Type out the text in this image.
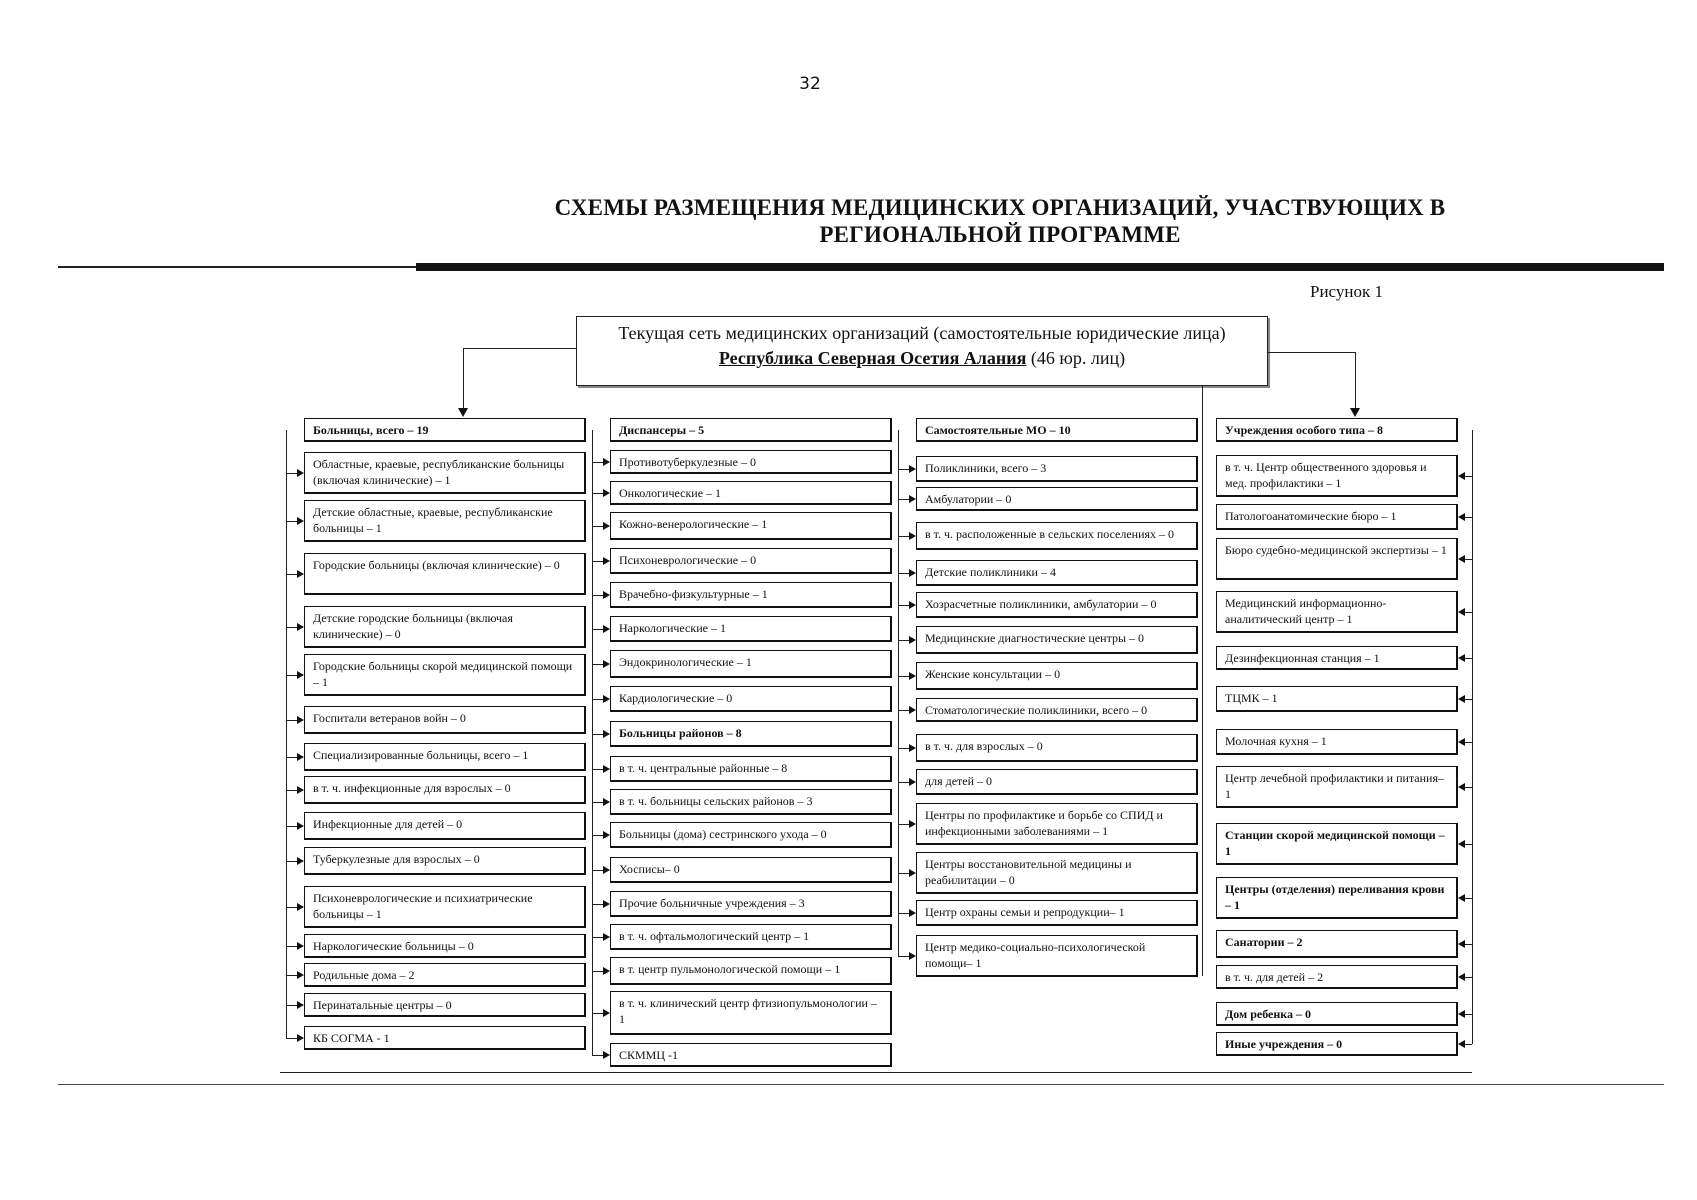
32
СХЕМЫ РАЗМЕЩЕНИЯ МЕДИЦИНСКИХ ОРГАНИЗАЦИЙ, УЧАСТВУЮЩИХ В
РЕГИОНАЛЬНОЙ ПРОГРАММЕ
Рисунок 1
Текущая сеть медицинских организаций (самостоятельные юридические лица)
Республика Северная Осетия Алания (46 юр. лиц)
Больницы, всего – 19
Областные, краевые, республиканские больницы (включая клинические) – 1
Детские областные, краевые, республиканские больницы – 1
Городские больницы (включая клинические) – 0
Детские городские больницы (включая клинические) – 0
Городские больницы скорой медицинской помощи – 1
Госпитали ветеранов войн – 0
Специализированные больницы, всего – 1
в т. ч. инфекционные для взрослых – 0
Инфекционные для детей – 0
Туберкулезные для взрослых – 0
Психоневрологические и психиатрические больницы – 1
Наркологические больницы – 0
Родильные дома – 2
Перинатальные центры – 0
КБ СОГМА - 1
Диспансеры – 5
Противотуберкулезные – 0
Онкологические – 1
Кожно-венерологические – 1
Психоневрологические – 0
Врачебно-физкультурные – 1
Наркологические – 1
Эндокринологические – 1
Кардиологические – 0
Больницы районов – 8
в т. ч. центральные районные – 8
в т. ч. больницы сельских районов – 3
Больницы (дома) сестринского ухода – 0
Хосписы– 0
Прочие больничные учреждения – 3
в т. ч. офтальмологический центр – 1
в т. центр пульмонологической помощи – 1
в т. ч. клинический центр фтизиопульмонологии – 1
СКММЦ -1
Самостоятельные МО – 10
Поликлиники, всего – 3
Амбулатории – 0
в т. ч. расположенные в сельских поселениях – 0
Детские поликлиники – 4
Хозрасчетные поликлиники, амбулатории – 0
Медицинские диагностические центры – 0
Женские консультации – 0
Стоматологические поликлиники, всего – 0
в т. ч. для взрослых – 0
для детей – 0
Центры по профилактике и борьбе со СПИД и инфекционными заболеваниями – 1
Центры восстановительной медицины и реабилитации – 0
Центр охраны семьи и репродукции– 1
Центр медико-социально-психологической помощи– 1
Учреждения особого типа – 8
в т. ч. Центр общественного здоровья и мед. профилактики – 1
Патологоанатомические бюро – 1
Бюро судебно-медицинской экспертизы – 1
Медицинский информационно-аналитический центр – 1
Дезинфекционная станция – 1
ТЦМК – 1
Молочная кухня – 1
Центр лечебной профилактики и питания– 1
Станции скорой медицинской помощи – 1
Центры (отделения) переливания крови – 1
Санатории – 2
в т. ч. для детей – 2
Дом ребенка – 0
Иные учреждения – 0
